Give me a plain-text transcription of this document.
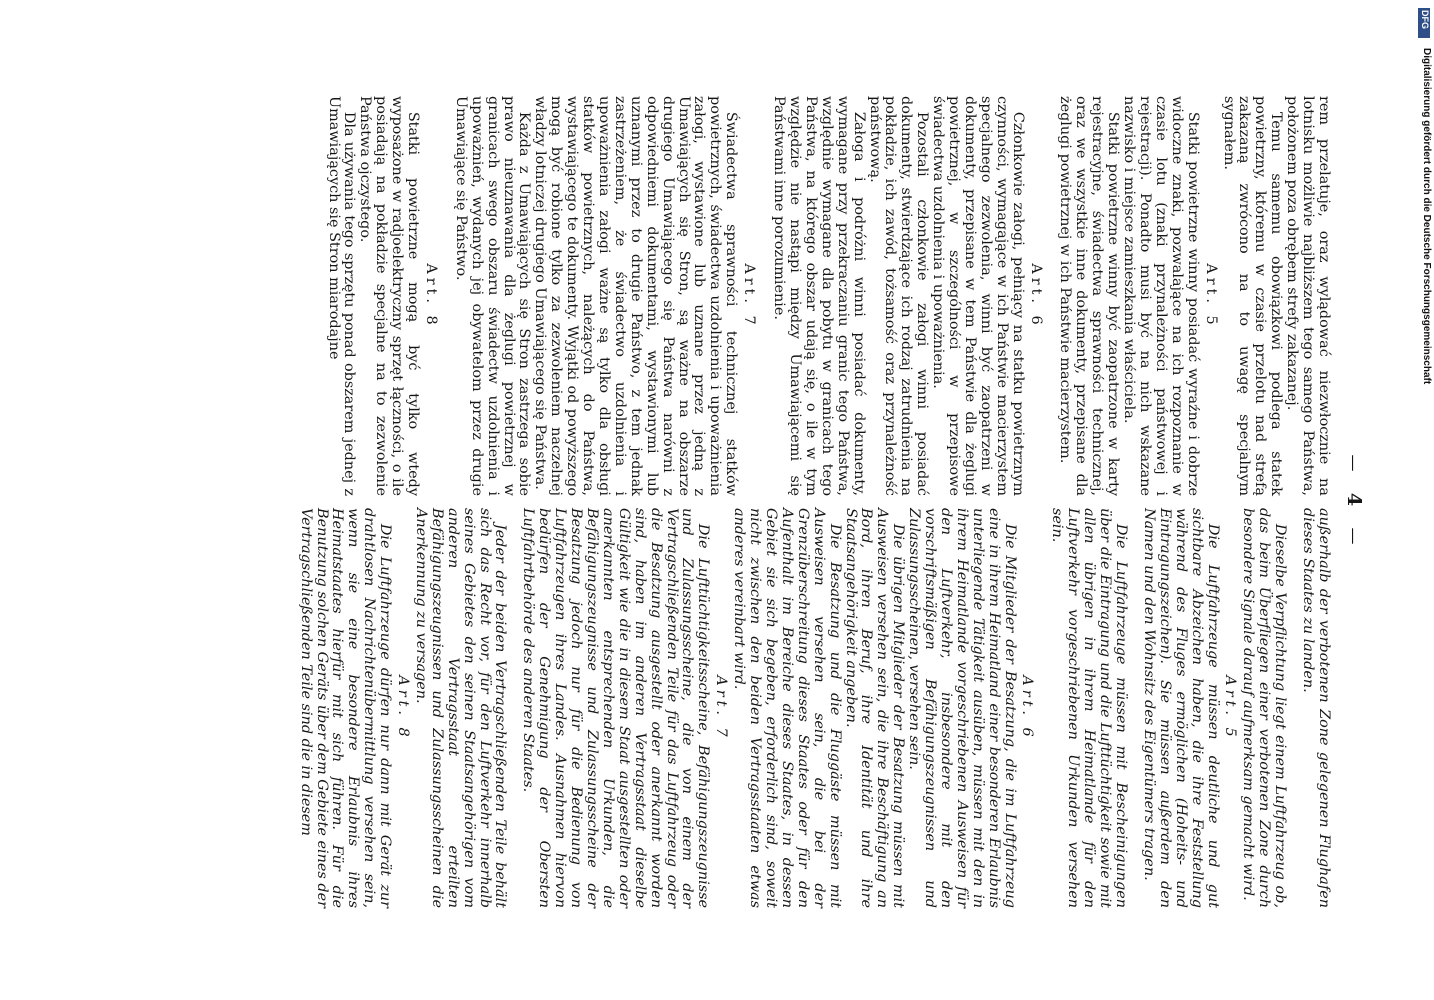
— 4 —

rem przelatuje, oraz wylądować niezwłocznie na lotnisku możliwie najbliższem tego samego Państwa, położonem poza obrębem strefy zakazanej.

Temu samemu obowiązkowi podlega statek powietrzny, któremu w czasie przelotu nad strefą zakazaną zwrócono na to uwagę specjalnym sygnałem.

Art. 5

Statki powietrzne winny posiadać wyraźne i dobrze widoczne znaki, pozwalające na ich rozpoznanie w czasie lotu (znaki przynależności państwowej i rejestracji). Ponadto musi być na nich wskazane nazwisko i miejsce zamieszkania właściciela.

Statki powietrzne winny być zaopatrzone w karty rejestracyjne, świadectwa sprawności technicznej, oraz we wszystkie inne dokumenty, przepisane dla żeglugi powietrznej w ich Państwie macierzystem.

Art. 6

Członkowie załogi, pełniący na statku powietrznym czynności, wymagające w ich Państwie macierzystem specjalnego zezwolenia, winni być zaopatrzeni w dokumenty, przepisane w tem Państwie dla żeglugi powietrznej, w szczególności w przepisowe świadectwa uzdolnienia i upoważnienia.

Pozostali członkowie załogi winni posiadać dokumenty, stwierdzające ich rodzaj zatrudnienia na pokładzie, ich zawód, tożsamość oraz przynależność państwową.

Załoga i podróżni winni posiadać dokumenty, wymagane przy przekraczaniu granic tego Państwa, względnie wymagane dla pobytu w granicach tego Państwa, na którego obszar udają się, o ile w tym względzie nie nastąpi między Umawiającemi się Państwami inne porozumienie.

Art. 7

Świadectwa sprawności technicznej statków powietrznych, świadectwa uzdolnienia i upoważnienia załogi, wystawione lub uznane przez jedną z Umawiających się Stron, są ważne na obszarze drugiego Umawiającego się Państwa narówni z odpowiedniemi dokumentami, wystawionymi lub uznanymi przez to drugie Państwo, z tem jednak zastrzeżeniem, że świadectwo uzdolnienia i upoważnienia załogi ważne są tylko dla obsługi statków powietrznych, należących do Państwa, wystawiającego te dokumenty. Wyjątki od powyższego mogą być robione tylko za zezwoleniem naczelnej władzy lotniczej drugiego Umawiającego się Państwa.

Każda z Umawiających się Stron zastrzega sobie prawo nieuznawania dla żeglugi powietrznej w granicach swego obszaru świadectw uzdolnienia i upoważnień, wydanych jej obywatelom przez drugie Umawiające się Państwo.

Art. 8

Statki powietrzne mogą być tylko wtedy wyposażone w radjoelektryczny sprzęt łączności, o ile posiadają na pokładzie specjalne na to zezwolenie Państwa ojczystego.

Dla używania tego sprzętu ponad obszarem jednej z Umawiających się Stron miarodajne

außerhalb der verbotenen Zone gelegenen Flughafen dieses Staates zu landen.

Dieselbe Verpflichtung liegt einem Luftfahrzeug ob, das beim Überfliegen einer verbotenen Zone durch besondere Signale darauf aufmerksam gemacht wird.

Art. 5

Die Luftfahrzeuge müssen deutliche und gut sichtbare Abzeichen haben, die ihre Feststellung während des Fluges ermöglichen (Hoheits- und Eintragungszeichen). Sie müssen außerdem den Namen und den Wohnsitz des Eigentümers tragen.

Die Luftfahrzeuge müssen mit Bescheinigungen über die Eintragung und die Lufttüchtigkeit sowie mit allen übrigen in ihrem Heimatlande für den Luftverkehr vorgeschriebenen Urkunden versehen sein.

Art. 6

Die Mitglieder der Besatzung, die im Luftfahrzeug eine in ihrem Heimatland einer besonderen Erlaubnis unterliegende Tätigkeit ausüben, müssen mit den in ihrem Heimatlande vorgeschriebenen Ausweisen für den Luftverkehr, insbesondere mit den vorschriftsmäßigen Befähigungszeugnissen und Zulassungsscheinen, versehen sein.

Die übrigen Mitglieder der Besatzung müssen mit Ausweisen versehen sein, die ihre Beschäftigung an Bord, ihren Beruf, ihre Identität und ihre Staatsangehörigkeit angeben.

Die Besatzung und die Fluggäste müssen mit Ausweisen versehen sein, die bei der Grenzüberschreitung dieses Staates oder für den Aufenthalt im Bereiche dieses Staates, in dessen Gebiet sie sich begeben, erforderlich sind, soweit nicht zwischen den beiden Vertragsstaaten etwas anderes vereinbart wird.

Art. 7

Die Lufttüchtigkeitsscheine, Befähigungszeugnisse und Zulassungsscheine, die von einem der Vertragschließenden Teile für das Luftfahrzeug oder die Besatzung ausgestellt oder anerkannt worden sind, haben im anderen Vertragsstaat dieselbe Gültigkeit wie die in diesem Staat ausgestellten oder anerkannten entsprechenden Urkunden, die Befähigungszeugnisse und Zulassungsscheine der Besatzung jedoch nur für die Bedienung von Luftfahrzeugen ihres Landes. Ausnahmen hiervon bedürfen der Genehmigung der Obersten Luftfahrtbehörde des anderen Staates.

Jeder der beiden Vertragschließenden Teile behält sich das Recht vor, für den Luftverkehr innerhalb seines Gebietes den seinen Staatsangehörigen vom anderen Vertragsstaat erteilten Befähigungszeugnissen und Zulassungsscheinen die Anerkennung zu versagen.

Art. 8

Die Luftfahrzeuge dürfen nur dann mit Gerät zur drahtlosen Nachrichtenübermittlung versehen sein, wenn sie eine besondere Erlaubnis ihres Heimatstaates hierfür mit sich führen. Für die Benutzung solchen Geräts über dem Gebiete eines der Vertragschließenden Teile sind die in diesem

DFG
Digitalisierung gefördert durch die Deutsche Forschungsgemeinschaft
